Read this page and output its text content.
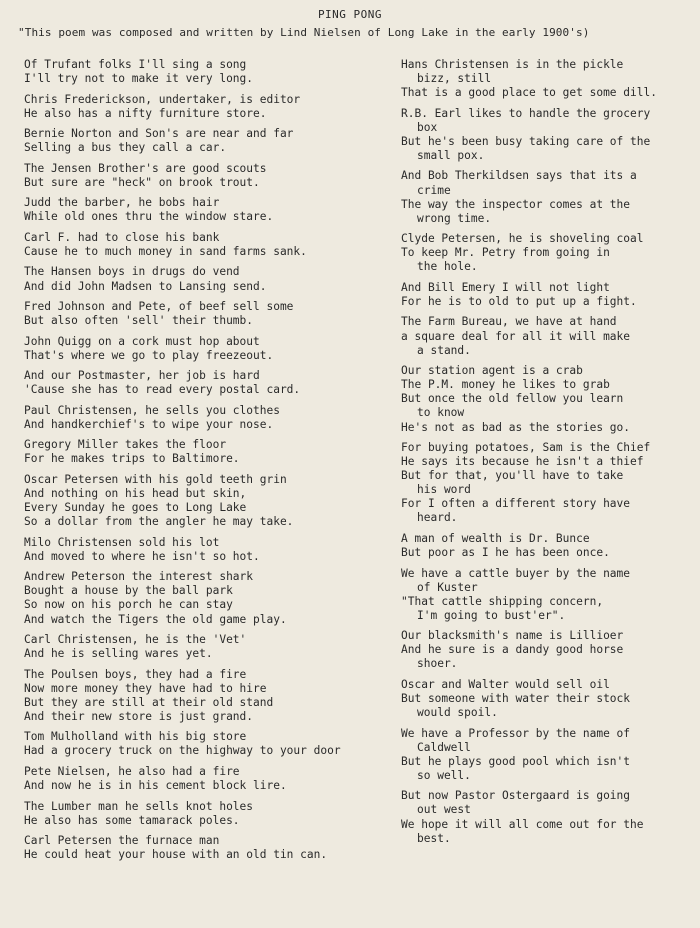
PING PONG
"This poem was composed and written by Lind Nielsen of Long Lake in the early 1900's)
Of Trufant folks I'll sing a song
I'll try not to make it very long.
Chris Frederickson, undertaker, is editor
He also has a nifty furniture store.
Bernie Norton and Son's are near and far
Selling a bus they call a car.
The Jensen Brother's are good scouts
But sure are "heck" on brook trout.
Judd the barber, he bobs hair
While old ones thru the window stare.
Carl F. had to close his bank
Cause he to much money in sand farms sank.
The Hansen boys in drugs do vend
And did John Madsen to Lansing send.
Fred Johnson and Pete, of beef sell some
But also often 'sell' their thumb.
John Quigg on a cork must hop about
That's where we go to play freezeout.
And our Postmaster, her job is hard
'Cause she has to read every postal card.
Paul Christensen, he sells you clothes
And handkerchief's to wipe your nose.
Gregory Miller takes the floor
For he makes trips to Baltimore.
Oscar Petersen with his gold teeth grin
And nothing on his head but skin,
Every Sunday he goes to Long Lake
So a dollar from the angler he may take.
Milo Christensen sold his lot
And moved to where he isn't so hot.
Andrew Peterson the interest shark
Bought a house by the ball park
So now on his porch he can stay
And watch the Tigers the old game play.
Carl Christensen, he is the 'Vet'
And he is selling wares yet.
The Poulsen boys, they had a fire
Now more money they have had to hire
But they are still at their old stand
And their new store is just grand.
Tom Mulholland with his big store
Had a grocery truck on the highway to your door
Pete Nielsen, he also had a fire
And now he is in his cement block lire.
The Lumber man he sells knot holes
He also has some tamarack poles.
Carl Petersen the furnace man
He could heat your house with an old tin can.
Hans Christensen is in the pickle
bizz, still
That is a good place to get some dill.
R.B. Earl likes to handle the grocery
box
But he's been busy taking care of the
small pox.
And Bob Therkildsen says that its a
crime
The way the inspector comes at the
wrong time.
Clyde Petersen, he is shoveling coal
To keep Mr. Petry from going in
the hole.
And Bill Emery I will not light
For he is to old to put up a fight.
The Farm Bureau, we have at hand
a square deal for all it will make
a stand.
Our station agent is a crab
The P.M. money he likes to grab
But once the old fellow you learn
to know
He's not as bad as the stories go.
For buying potatoes, Sam is the Chief
He says its because he isn't a thief
But for that, you'll have to take
his word
For I often a different story have
heard.
A man of wealth is Dr. Bunce
But poor as I he has been once.
We have a cattle buyer by the name
of Kuster
"That cattle shipping concern,
I'm going to bust'er".
Our blacksmith's name is Lillioer
And he sure is a dandy good horse
shoer.
Oscar and Walter would sell oil
But someone with water their stock
would spoil.
We have a Professor by the name of
Caldwell
But he plays good pool which isn't
so well.
But now Pastor Ostergaard is going
out west
We hope it will all come out for the
best.
